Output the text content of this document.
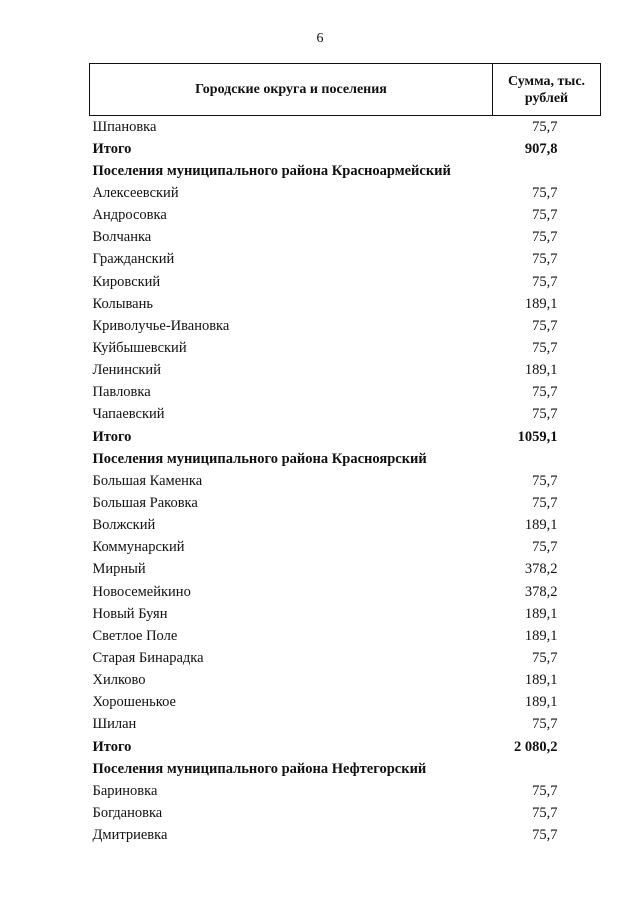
6
Городские округа и поселения	Сумма, тыс. рублей
Шпановка	75,7
Итого	907,8
Поселения муниципального района Красноармейский	
Алексеевский	75,7
Андросовка	75,7
Волчанка	75,7
Гражданский	75,7
Кировский	75,7
Колывань	189,1
Криволучье-Ивановка	75,7
Куйбышевский	75,7
Ленинский	189,1
Павловка	75,7
Чапаевский	75,7
Итого	1059,1
Поселения муниципального района Красноярский	
Большая Каменка	75,7
Большая Раковка	75,7
Волжский	189,1
Коммунарский	75,7
Мирный	378,2
Новосемейкино	378,2
Новый Буян	189,1
Светлое Поле	189,1
Старая Бинарадка	75,7
Хилково	189,1
Хорошенькое	189,1
Шилан	75,7
Итого	2 080,2
Поселения муниципального района Нефтегорский	
Бариновка	75,7
Богдановка	75,7
Дмитриевка	75,7
